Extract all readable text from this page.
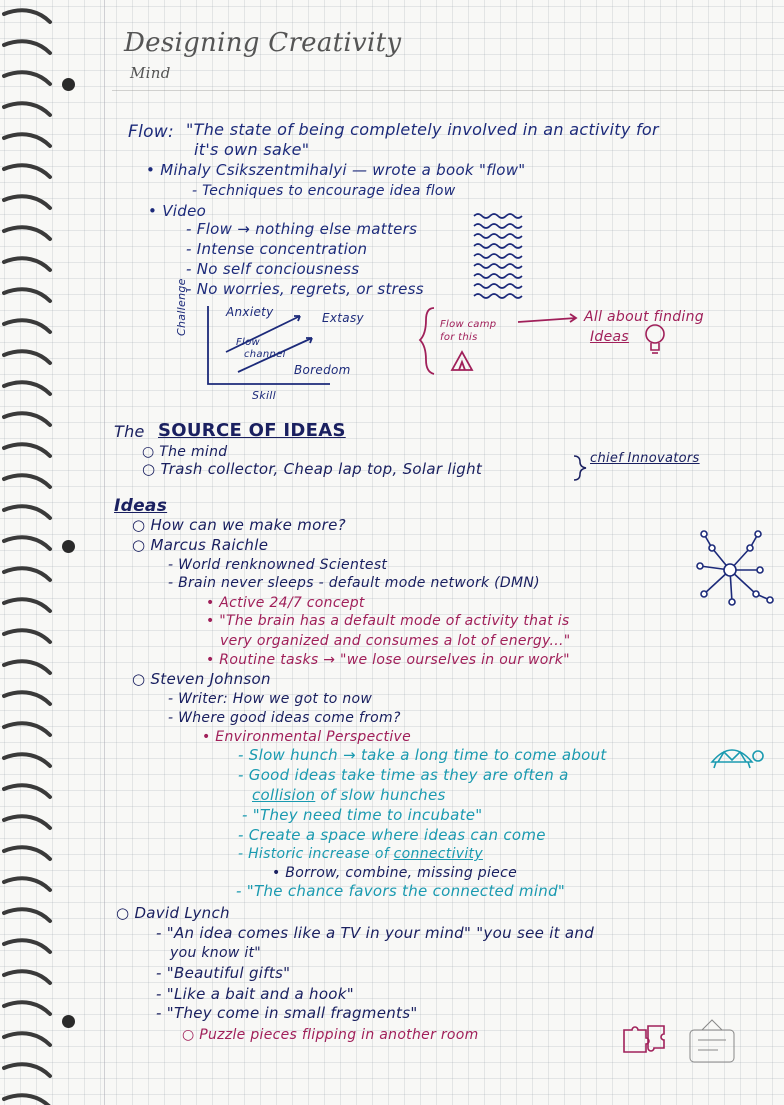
Designing Creativity
Mind
Flow: "The state of being completely involved in an activity for
it's own sake"
• Mihaly Csikszentmihalyi — wrote a book "flow"
- Techniques to encourage idea flow
• Video
- Flow → nothing else matters
- Intense concentration
- No self conciousness
- No worries, regrets, or stress
Challenge	Anxiety	Extasy
Flow
channel
Boredom
Skill
Flow camp
for this
All about finding
Ideas
The SOURCE OF IDEAS
○ The mind
○ Trash collector, Cheap lap top, Solar light
chief Innovators
Ideas
○ How can we make more?
○ Marcus Raichle
- World renknowned Scientest
- Brain never sleeps - default mode network (DMN)
• Active 24/7 concept
• "The brain has a default mode of activity that is
very organized and consumes a lot of energy..."
• Routine tasks → "we lose ourselves in our work"
○ Steven Johnson
- Writer: How we got to now
- Where good ideas come from?
• Environmental Perspective
- Slow hunch → take a long time to come about
- Good ideas take time as they are often a
collision of slow hunches
- "They need time to incubate"
- Create a space where ideas can come
- Historic increase of connectivity
• Borrow, combine, missing piece
- "The chance favors the connected mind"
○ David Lynch
- "An idea comes like a TV in your mind" "you see it and
you know it"
- "Beautiful gifts"
- "Like a bait and a hook"
- "They come in small fragments"
○ Puzzle pieces flipping in another room
